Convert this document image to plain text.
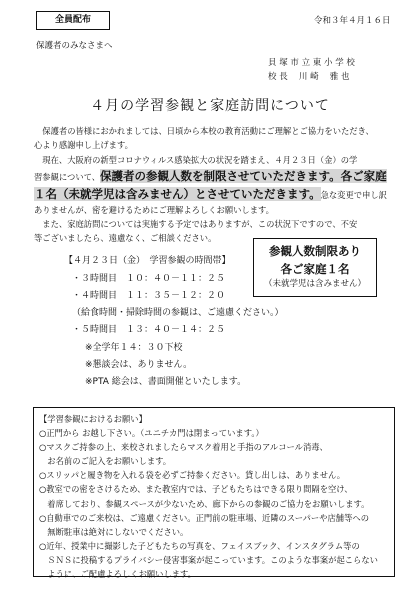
全員配布	令和３年４月１６日
保護者のみなさまへ
貝 塚 市 立 東 小 学 校
校 長　 川 崎　 雅 也
４月の学習参観と家庭訪問について
　保護者の皆様におかれましては、日頃から本校の教育活動にご理解とご協力をいただき、
心より感謝申し上げます。
　現在、大阪府の新型コロナウィルス感染拡大の状況を踏まえ、４月２３日（金）の学
習参観について、保護者の参観人数を制限させていただきます。各ご家庭
１名（未就学児は含みません）とさせていただきます。急な変更で申し訳
ありませんが、密を避けるためにご理解よろしくお願いします。
　また、家庭訪問については実施する予定ではありますが、この状況下ですので、不安
等ございましたら、遠慮なく、ご相談ください。
参観人数制限あり
各ご家庭１名
（未就学児は含みません）
【４月２３日（金）　学習参観の時間帯】
・３時間目　１０：４０－１１：２５
・４時間目　１１：３５－１２：２０
（給食時間・掃除時間の参観は、ご遠慮ください。）
・５時間目　１３：４０－１４：２５
※全学年１４：３０下校
※懇談会は、ありません。
※PTA 総会は、書面開催といたします。
【学習参観におけるお願い】
○正門から お越し下さい。（ユニチカ門は閉まっています。）
○マスクご持参の上、来校されましたらマスク着用と手指のアルコール消毒、
　お名前のご記入をお願いします。
○スリッパと履き物を入れる袋を必ずご持参ください。貸し出しは、ありません。
○教室での密をさけるため、また教室内では、子どもたちはできる限り間隔を空け、
　着席しており、参観スペースが少ないため、廊下からの参観のご協力をお願いします。
○自動車でのご来校は、ご遠慮ください。正門前の駐車場、近隣のスーパーや店舗等への
　無断駐車は絶対にしないでください。
○近年、授業中に撮影した子どもたちの写真を、フェイスブック、インスタグラム等の
　ＳＮＳに投稿するプライバシー侵害事案が起こっています。このような事案が起こらない
　ように、ご配慮よろしくお願いします。
